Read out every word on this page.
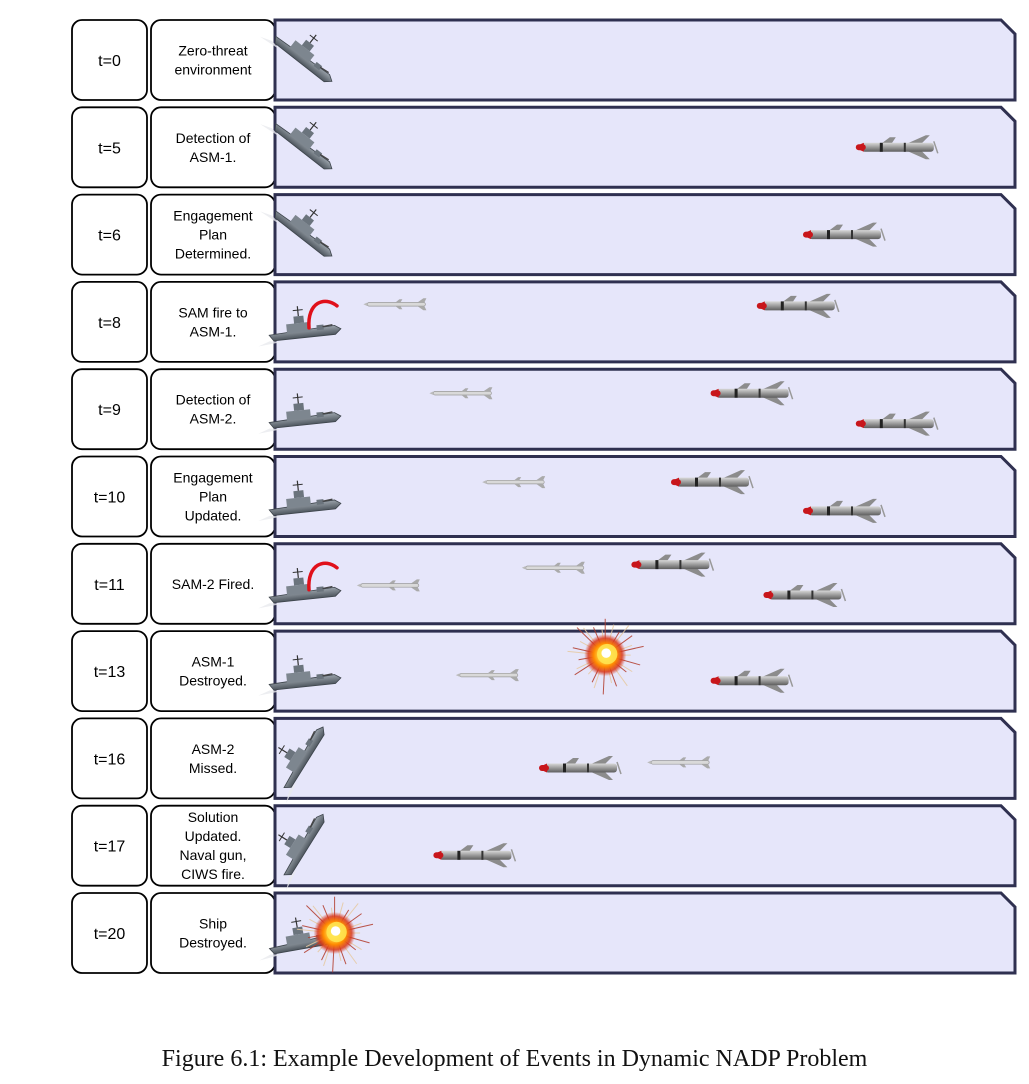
t=0
Zero-threat
environment
t=5
Detection of
ASM-1.
t=6
Engagement
Plan
Determined.
t=8
SAM fire to
ASM-1.
t=9
Detection of
ASM-2.
t=10
Engagement
Plan
Updated.
t=11	SAM-2 Fired.
t=13
ASM-1
Destroyed.
t=16
ASM-2
Missed.
t=17
Solution
Updated.
Naval gun,
CIWS fire.
t=20
Ship
Destroyed.
Figure 6.1: Example Development of Events in Dynamic NADP Problem
